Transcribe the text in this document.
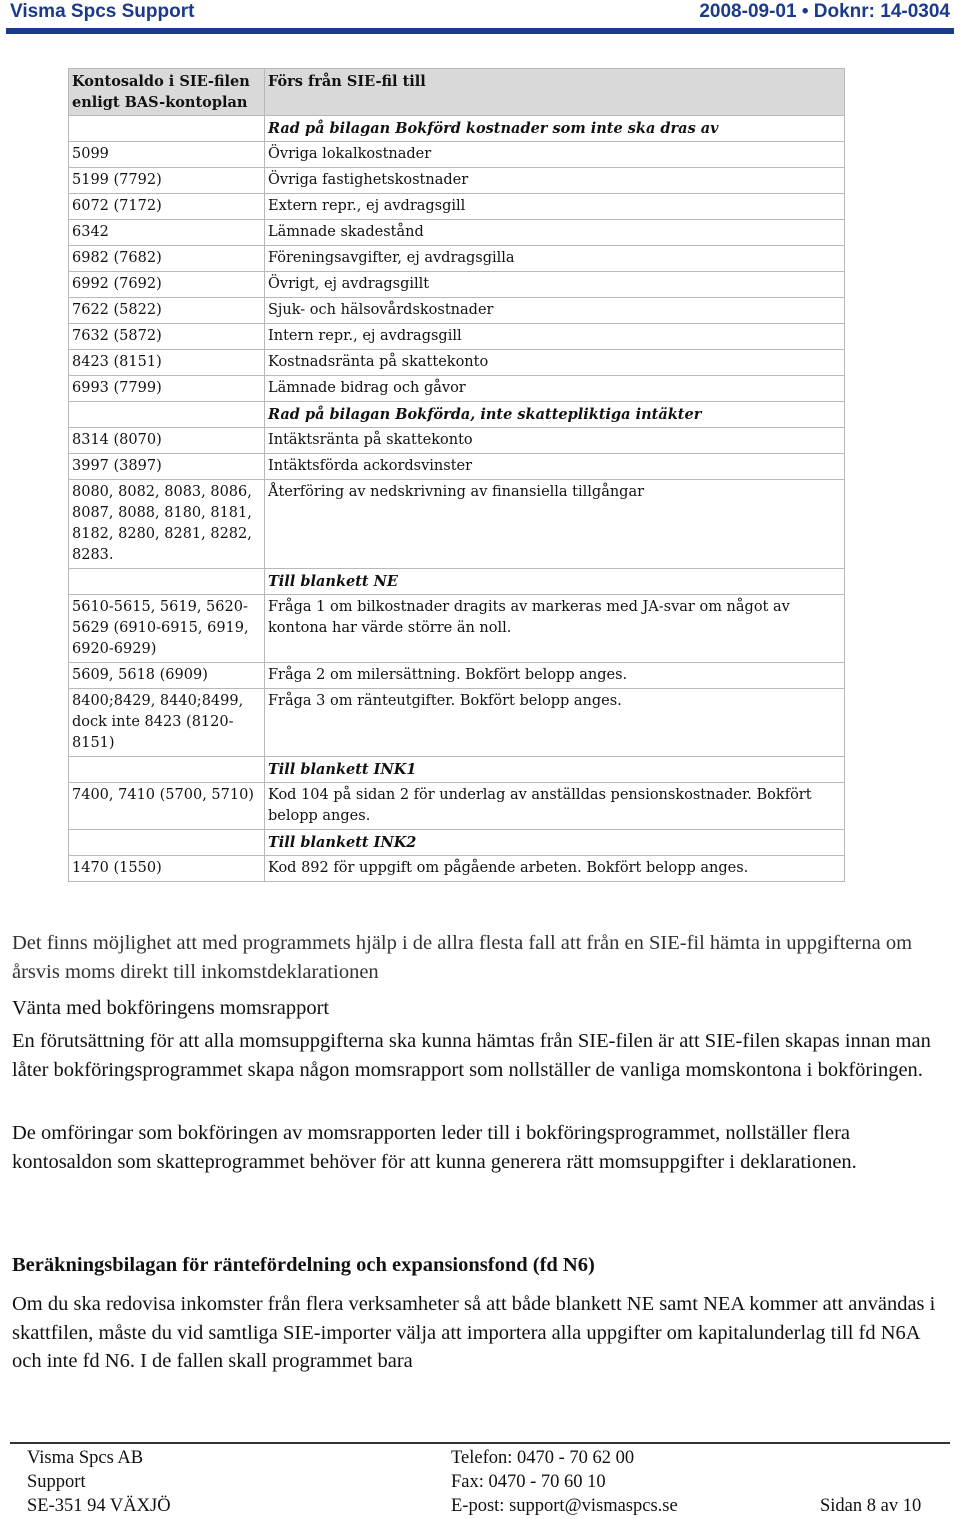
Visma Spcs Support	2008-09-01 • Doknr: 14-0304
Kontosaldo i SIE-filen enligt BAS-kontoplan	Förs från SIE-fil till
	Rad på bilagan Bokförd kostnader som inte ska dras av
5099	Övriga lokalkostnader
5199 (7792)	Övriga fastighetskostnader
6072 (7172)	Extern repr., ej avdragsgill
6342	Lämnade skadestånd
6982 (7682)	Föreningsavgifter, ej avdragsgilla
6992 (7692)	Övrigt, ej avdragsgillt
7622 (5822)	Sjuk- och hälsovårdskostnader
7632 (5872)	Intern repr., ej avdragsgill
8423 (8151)	Kostnadsränta på skattekonto
6993 (7799)	Lämnade bidrag och gåvor
	Rad på bilagan Bokförda, inte skattepliktiga intäkter
8314 (8070)	Intäktsränta på skattekonto
3997 (3897)	Intäktsförda ackordsvinster
8080, 8082, 8083, 8086, 8087, 8088, 8180, 8181, 8182, 8280, 8281, 8282, 8283.	Återföring av nedskrivning av finansiella tillgångar
	Till blankett NE
5610-5615, 5619, 5620-5629 (6910-6915, 6919, 6920-6929)	Fråga 1 om bilkostnader dragits av markeras med JA-svar om något av kontona har värde större än noll.
5609, 5618 (6909)	Fråga 2 om milersättning. Bokfört belopp anges.
8400;8429, 8440;8499, dock inte 8423 (8120-8151)	Fråga 3 om ränteutgifter. Bokfört belopp anges.
	Till blankett INK1
7400, 7410 (5700, 5710)	Kod 104 på sidan 2 för underlag av anställdas pensionskostnader. Bokfört belopp anges.
	Till blankett INK2
1470 (1550)	Kod 892 för uppgift om pågående arbeten. Bokfört belopp anges.
Det finns möjlighet att med programmets hjälp i de allra flesta fall att från en SIE-fil hämta in uppgifterna om årsvis moms direkt till inkomstdeklarationen
Vänta med bokföringens momsrapport
En förutsättning för att alla momsuppgifterna ska kunna hämtas från SIE-filen är att SIE-filen skapas innan man låter bokföringsprogrammet skapa någon momsrapport som nollställer de vanliga momskontona i bokföringen.
De omföringar som bokföringen av momsrapporten leder till i bokföringsprogrammet, nollställer flera kontosaldon som skatteprogrammet behöver för att kunna generera rätt momsuppgifter i deklarationen.
Beräkningsbilagan för räntefördelning och expansionsfond (fd N6)
Om du ska redovisa inkomster från flera verksamheter så att både blankett NE samt NEA kommer att användas i skattfilen, måste du vid samtliga SIE-importer välja att importera alla uppgifter om kapitalunderlag till fd N6A och inte fd N6. I de fallen skall programmet bara
Visma Spcs AB
Support
SE-351 94 VÄXJÖ
Telefon: 0470 - 70 62 00
Fax: 0470 - 70 60 10
E-post: support@vismaspcs.se	Sidan 8 av 10
